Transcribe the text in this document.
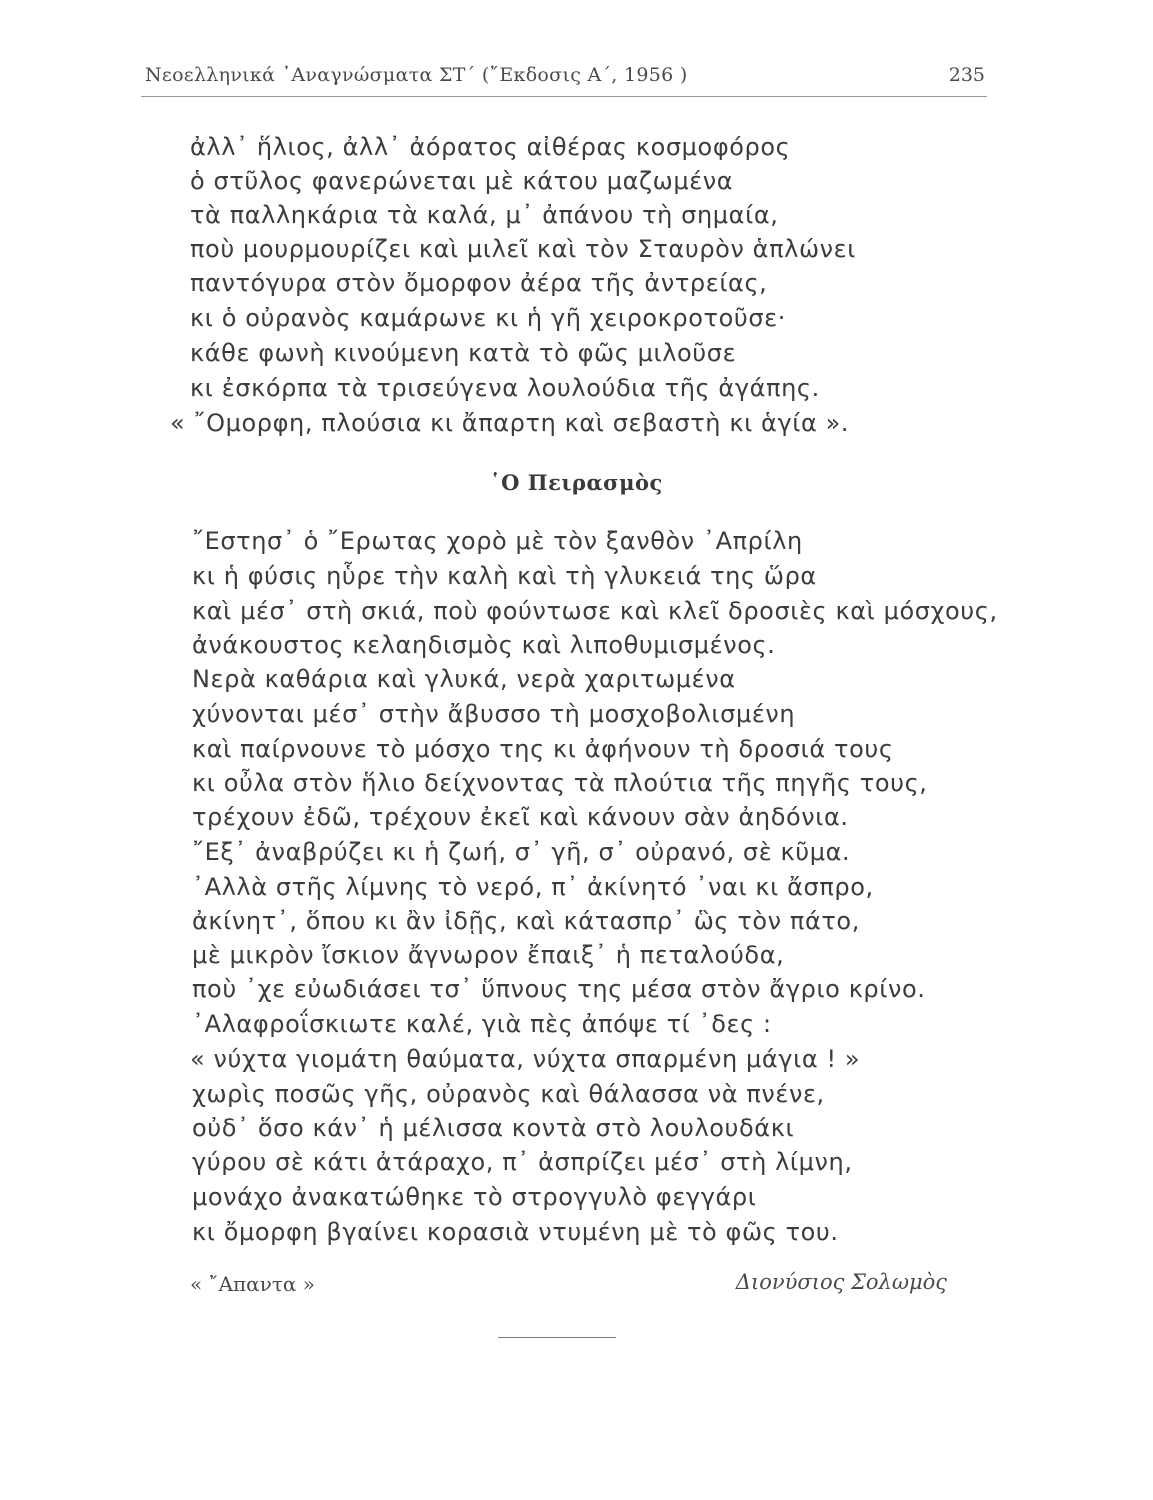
Νεοελληνικά ᾿Αναγνώσματα ΣΤ΄ (῎Εκδοσις Α΄, 1956 )	235
ἀλλ᾿ ἥλιος, ἀλλ᾿ ἀόρατος αἰθέρας κοσμοφόρος
ὁ στῦλος φανερώνεται μὲ κάτου μαζωμένα
τὰ παλληκάρια τὰ καλά, μ᾿ ἀπάνου τὴ σημαία,
ποὺ μουρμουρίζει καὶ μιλεῖ καὶ τὸν Σταυρὸν ἁπλώνει
παντόγυρα στὸν ὄμορφον ἀέρα τῆς ἀντρείας,
κι ὁ οὐρανὸς καμάρωνε κι ἡ γῆ χειροκροτοῦσε·
κάθε φωνὴ κινούμενη κατὰ τὸ φῶς μιλοῦσε
κι ἐσκόρπα τὰ τρισεύγενα λουλούδια τῆς ἀγάπης.
« ῎Ομορφη, πλούσια κι ἄπαρτη καὶ σεβαστὴ κι ἁγία ».
῾Ο Πειρασμὸς
῎Εστησ᾿ ὁ ῎Ερωτας χορὸ μὲ τὸν ξανθὸν ᾿Απρίλη
κι ἡ φύσις ηὗρε τὴν καλὴ καὶ τὴ γλυκειά της ὥρα
καὶ μέσ᾿ στὴ σκιά, ποὺ φούντωσε καὶ κλεῖ δροσιὲς καὶ μόσχους,
ἀνάκουστος κελαηδισμὸς καὶ λιποθυμισμένος.
Νερὰ καθάρια καὶ γλυκά, νερὰ χαριτωμένα
χύνονται μέσ᾿ στὴν ἄβυσσο τὴ μοσχοβολισμένη
καὶ παίρνουνε τὸ μόσχο της κι ἀφήνουν τὴ δροσιά τους
κι οὖλα στὸν ἥλιο δείχνοντας τὰ πλούτια τῆς πηγῆς τους,
τρέχουν ἐδῶ, τρέχουν ἐκεῖ καὶ κάνουν σὰν ἀηδόνια.
῎Εξ᾿ ἀναβρύζει κι ἡ ζωή, σ᾿ γῆ, σ᾿ οὐρανό, σὲ κῦμα.
᾿Αλλὰ στῆς λίμνης τὸ νερό, π᾿ ἀκίνητό ᾿ναι κι ἄσπρο,
ἀκίνητ᾿, ὅπου κι ἂν ἰδῇς, καὶ κάτασπρ᾿ ὣς τὸν πάτο,
μὲ μικρὸν ἴσκιον ἄγνωρον ἔπαιξ᾿ ἡ πεταλούδα,
ποὺ ᾿χε εὐωδιάσει τσ᾿ ὕπνους της μέσα στὸν ἄγριο κρίνο.
᾿Αλαφροΐσκιωτε καλέ, γιὰ πὲς ἀπόψε τί ᾿δες :
« νύχτα γιομάτη θαύματα, νύχτα σπαρμένη μάγια ! »
χωρὶς ποσῶς γῆς, οὐρανὸς καὶ θάλασσα νὰ πνένε,
οὐδ᾿ ὅσο κάν᾿ ἡ μέλισσα κοντὰ στὸ λουλουδάκι
γύρου σὲ κάτι ἀτάραχο, π᾿ ἀσπρίζει μέσ᾿ στὴ λίμνη,
μονάχο ἀνακατώθηκε τὸ στρογγυλὸ φεγγάρι
κι ὄμορφη βγαίνει κορασιὰ ντυμένη μὲ τὸ φῶς του.
« ῎Απαντα »	Διονύσιος Σολωμὸς
